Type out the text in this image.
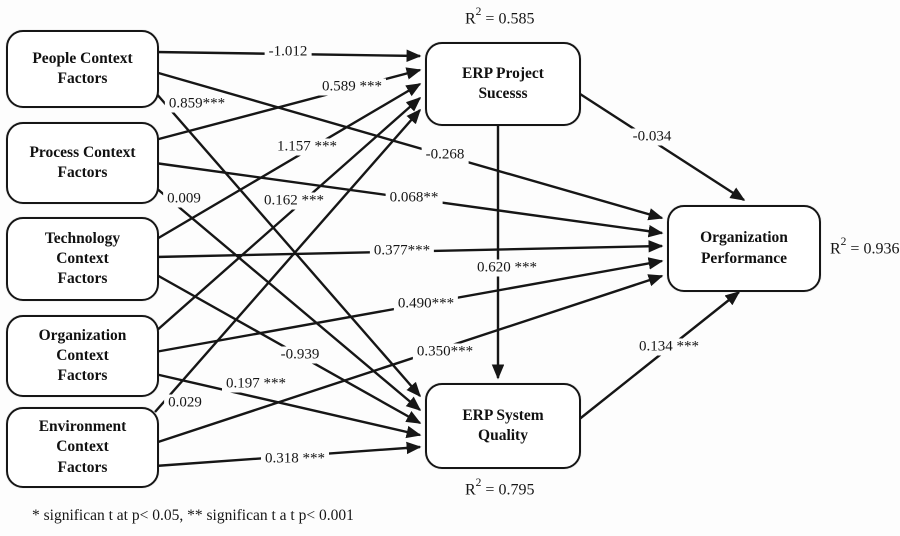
People Context
Factors
Process Context
Factors
Technology
Context
Factors
Organization
Context
Factors
Environment
Context
Factors
ERP Project
Sucesss
ERP System
Quality
Organization
Performance
$R^2 = 0.585$
$R^2 = 0.795$
$R^2 = 0.936$
-1.012
0.589 ***
0.859***
1.157 ***
0.009	0.162 ***
-0.268
0.068**
0.377***
0.620 ***
0.490***
-0.939	0.350***
0.197 ***
0.029
0.318 ***
-0.034
0.134 ***
* significan t at p< 0.05, ** significan t a t p< 0.001
